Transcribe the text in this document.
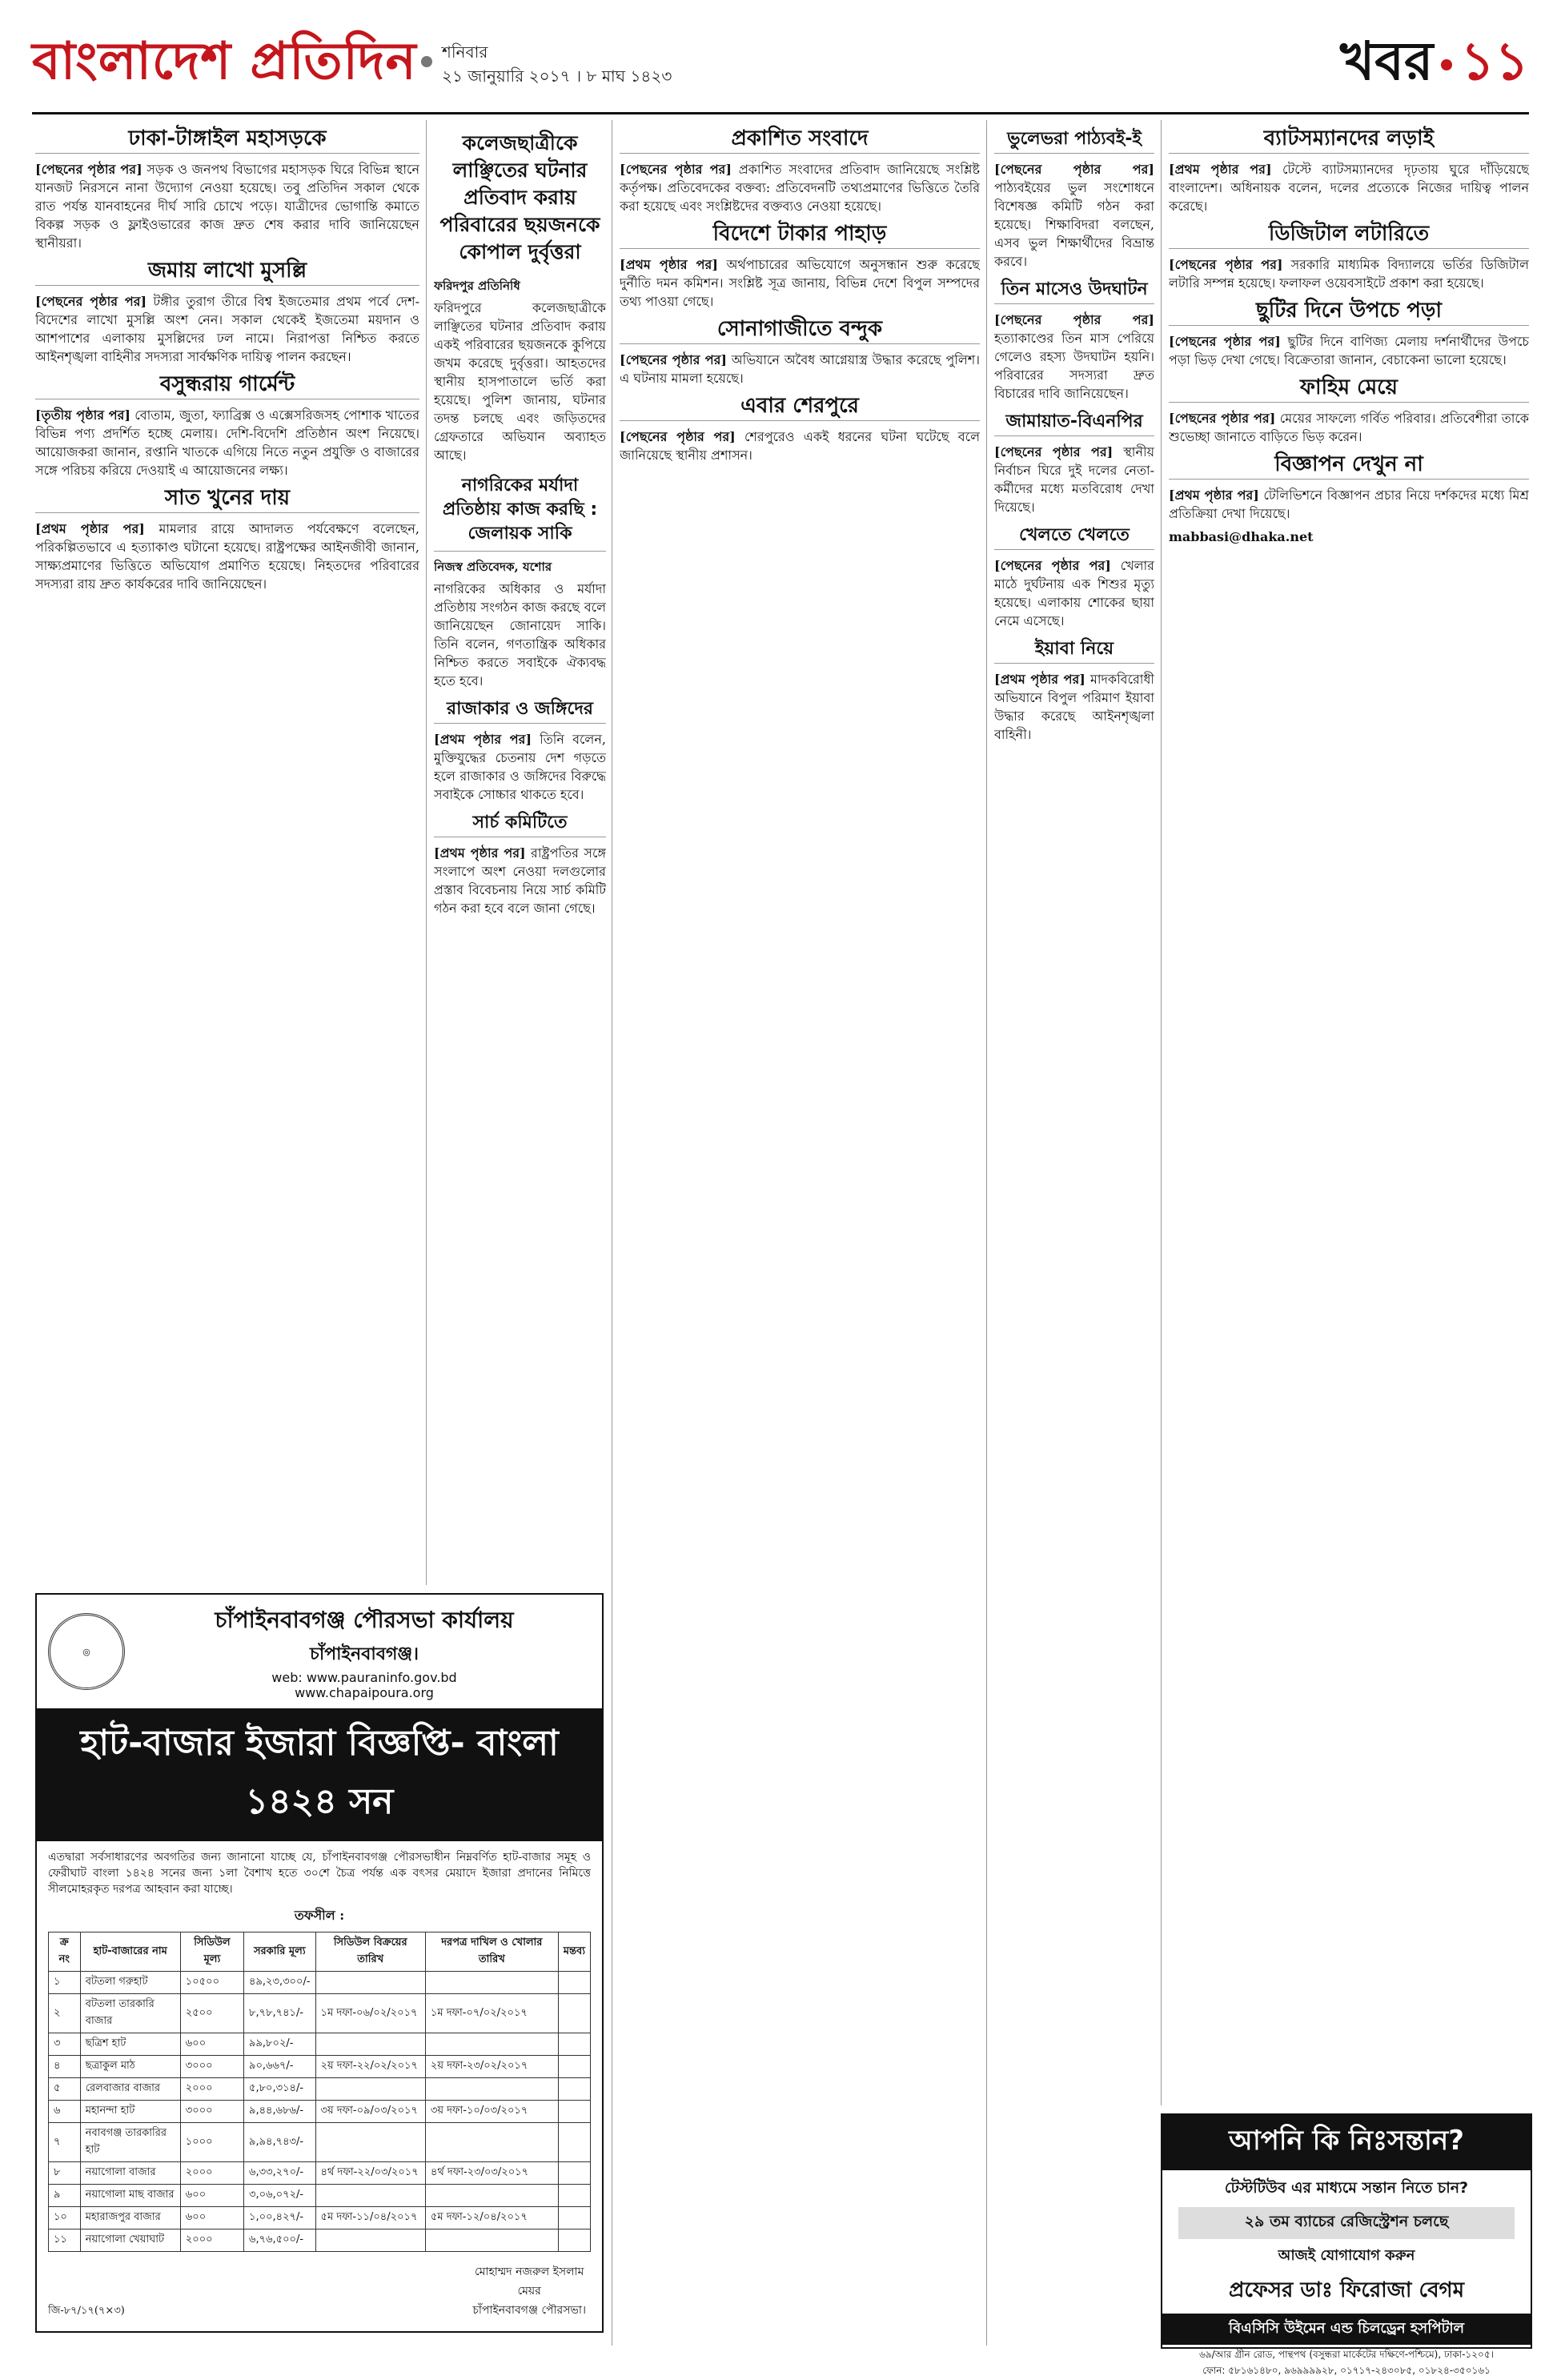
বাংলাদেশ প্রতিদিন শনিবার
২১ জানুয়ারি ২০১৭ । ৮ মাঘ ১৪২৩	খবর ১১
ঢাকা-টাঙ্গাইল মহাসড়কে

[পেছনের পৃষ্ঠার পর] সড়ক ও জনপথ বিভাগের মহাসড়ক ঘিরে বিভিন্ন স্থানে যানজট নিরসনে নানা উদ্যোগ নেওয়া হয়েছে। তবু প্রতিদিন সকাল থেকে রাত পর্যন্ত যানবাহনের দীর্ঘ সারি চোখে পড়ে। যাত্রীদের ভোগান্তি কমাতে বিকল্প সড়ক ও ফ্লাইওভারের কাজ দ্রুত শেষ করার দাবি জানিয়েছেন স্থানীয়রা।

জমায় লাখো মুসল্লি

[পেছনের পৃষ্ঠার পর] টঙ্গীর তুরাগ তীরে বিশ্ব ইজতেমার প্রথম পর্বে দেশ-বিদেশের লাখো মুসল্লি অংশ নেন। সকাল থেকেই ইজতেমা ময়দান ও আশপাশের এলাকায় মুসল্লিদের ঢল নামে। নিরাপত্তা নিশ্চিত করতে আইনশৃঙ্খলা বাহিনীর সদস্যরা সার্বক্ষণিক দায়িত্ব পালন করছেন।

বসুন্ধরায় গার্মেন্ট

[তৃতীয় পৃষ্ঠার পর] বোতাম, জুতা, ফ্যাব্রিক্স ও এক্সেসরিজসহ পোশাক খাতের বিভিন্ন পণ্য প্রদর্শিত হচ্ছে মেলায়। দেশি-বিদেশি প্রতিষ্ঠান অংশ নিয়েছে। আয়োজকরা জানান, রপ্তানি খাতকে এগিয়ে নিতে নতুন প্রযুক্তি ও বাজারের সঙ্গে পরিচয় করিয়ে দেওয়াই এ আয়োজনের লক্ষ্য।

সাত খুনের দায়

[প্রথম পৃষ্ঠার পর] মামলার রায়ে আদালত পর্যবেক্ষণে বলেছেন, পরিকল্পিতভাবে এ হত্যাকাণ্ড ঘটানো হয়েছে। রাষ্ট্রপক্ষের আইনজীবী জানান, সাক্ষ্যপ্রমাণের ভিত্তিতে অভিযোগ প্রমাণিত হয়েছে। নিহতদের পরিবারের সদস্যরা রায় দ্রুত কার্যকরের দাবি জানিয়েছেন।

কলেজছাত্রীকে লাঞ্ছিতের ঘটনার প্রতিবাদ করায় পরিবারের ছয়জনকে কোপাল দুর্বৃত্তরা
ফরিদপুর প্রতিনিধি

ফরিদপুরে কলেজছাত্রীকে লাঞ্ছিতের ঘটনার প্রতিবাদ করায় একই পরিবারের ছয়জনকে কুপিয়ে জখম করেছে দুর্বৃত্তরা। আহতদের স্থানীয় হাসপাতালে ভর্তি করা হয়েছে। পুলিশ জানায়, ঘটনার তদন্ত চলছে এবং জড়িতদের গ্রেফতারে অভিযান অব্যাহত আছে।

নাগরিকের মর্যাদা প্রতিষ্ঠায় কাজ করছি : জেলায়ক সাকি
নিজস্ব প্রতিবেদক, যশোর

নাগরিকের অধিকার ও মর্যাদা প্রতিষ্ঠায় সংগঠন কাজ করছে বলে জানিয়েছেন জোনায়েদ সাকি। তিনি বলেন, গণতান্ত্রিক অধিকার নিশ্চিত করতে সবাইকে ঐক্যবদ্ধ হতে হবে।

রাজাকার ও জঙ্গিদের

[প্রথম পৃষ্ঠার পর] তিনি বলেন, মুক্তিযুদ্ধের চেতনায় দেশ গড়তে হলে রাজাকার ও জঙ্গিদের বিরুদ্ধে সবাইকে সোচ্চার থাকতে হবে।

সার্চ কমিটিতে

[প্রথম পৃষ্ঠার পর] রাষ্ট্রপতির সঙ্গে সংলাপে অংশ নেওয়া দলগুলোর প্রস্তাব বিবেচনায় নিয়ে সার্চ কমিটি গঠন করা হবে বলে জানা গেছে।

প্রকাশিত সংবাদে

[পেছনের পৃষ্ঠার পর] প্রকাশিত সংবাদের প্রতিবাদ জানিয়েছে সংশ্লিষ্ট কর্তৃপক্ষ। প্রতিবেদকের বক্তব্য: প্রতিবেদনটি তথ্যপ্রমাণের ভিত্তিতে তৈরি করা হয়েছে এবং সংশ্লিষ্টদের বক্তব্যও নেওয়া হয়েছে।

বিদেশে টাকার পাহাড়

[প্রথম পৃষ্ঠার পর] অর্থপাচারের অভিযোগে অনুসন্ধান শুরু করেছে দুর্নীতি দমন কমিশন। সংশ্লিষ্ট সূত্র জানায়, বিভিন্ন দেশে বিপুল সম্পদের তথ্য পাওয়া গেছে।

সোনাগাজীতে বন্দুক

[পেছনের পৃষ্ঠার পর] অভিযানে অবৈধ আগ্নেয়াস্ত্র উদ্ধার করেছে পুলিশ। এ ঘটনায় মামলা হয়েছে।

এবার শেরপুরে

[পেছনের পৃষ্ঠার পর] শেরপুরেও একই ধরনের ঘটনা ঘটেছে বলে জানিয়েছে স্থানীয় প্রশাসন।

ভুলেভরা পাঠ্যবই-ই

[পেছনের পৃষ্ঠার পর] পাঠ্যবইয়ের ভুল সংশোধনে বিশেষজ্ঞ কমিটি গঠন করা হয়েছে। শিক্ষাবিদরা বলছেন, এসব ভুল শিক্ষার্থীদের বিভ্রান্ত করবে।

তিন মাসেও উদঘাটন

[পেছনের পৃষ্ঠার পর] হত্যাকাণ্ডের তিন মাস পেরিয়ে গেলেও রহস্য উদঘাটন হয়নি। পরিবারের সদস্যরা দ্রুত বিচারের দাবি জানিয়েছেন।

জামায়াত-বিএনপির

[পেছনের পৃষ্ঠার পর] স্থানীয় নির্বাচন ঘিরে দুই দলের নেতা-কর্মীদের মধ্যে মতবিরোধ দেখা দিয়েছে।

খেলতে খেলতে

[পেছনের পৃষ্ঠার পর] খেলার মাঠে দুর্ঘটনায় এক শিশুর মৃত্যু হয়েছে। এলাকায় শোকের ছায়া নেমে এসেছে।

ইয়াবা নিয়ে

[প্রথম পৃষ্ঠার পর] মাদকবিরোধী অভিযানে বিপুল পরিমাণ ইয়াবা উদ্ধার করেছে আইনশৃঙ্খলা বাহিনী।

ব্যাটসম্যানদের লড়াই

[প্রথম পৃষ্ঠার পর] টেস্টে ব্যাটসম্যানদের দৃঢ়তায় ঘুরে দাঁড়িয়েছে বাংলাদেশ। অধিনায়ক বলেন, দলের প্রত্যেকে নিজের দায়িত্ব পালন করেছে।

ডিজিটাল লটারিতে

[পেছনের পৃষ্ঠার পর] সরকারি মাধ্যমিক বিদ্যালয়ে ভর্তির ডিজিটাল লটারি সম্পন্ন হয়েছে। ফলাফল ওয়েবসাইটে প্রকাশ করা হয়েছে।

ছুটির দিনে উপচে পড়া

[পেছনের পৃষ্ঠার পর] ছুটির দিনে বাণিজ্য মেলায় দর্শনার্থীদের উপচে পড়া ভিড় দেখা গেছে। বিক্রেতারা জানান, বেচাকেনা ভালো হয়েছে।

ফাহিম মেয়ে

[পেছনের পৃষ্ঠার পর] মেয়ের সাফল্যে গর্বিত পরিবার। প্রতিবেশীরা তাকে শুভেচ্ছা জানাতে বাড়িতে ভিড় করেন।

বিজ্ঞাপন দেখুন না

[প্রথম পৃষ্ঠার পর] টেলিভিশনে বিজ্ঞাপন প্রচার নিয়ে দর্শকদের মধ্যে মিশ্র প্রতিক্রিয়া দেখা দিয়েছে।

mabbasi@dhaka.net

◎
চাঁপাইনবাবগঞ্জ পৌরসভা কার্যালয়
চাঁপাইনবাবগঞ্জ।
web: www.pauraninfo.gov.bd
www.chapaipoura.org
হাট-বাজার ইজারা বিজ্ঞপ্তি- বাংলা ১৪২৪ সন

এতদ্বারা সর্বসাধারণের অবগতির জন্য জানানো যাচ্ছে যে, চাঁপাইনবাবগঞ্জ পৌরসভাধীন নিম্নবর্ণিত হাট-বাজার সমূহ ও ফেরীঘাট বাংলা ১৪২৪ সনের জন্য ১লা বৈশাখ হতে ৩০শে চৈত্র পর্যন্ত এক বৎসর মেয়াদে ইজারা প্রদানের নিমিত্তে সীলমোহরকৃত দরপত্র আহবান করা যাচ্ছে।

তফসীল :
ক্র নং	হাট-বাজারের নাম	সিডিউল মূল্য	সরকারি মূল্য	সিডিউল বিক্রয়ের তারিখ	দরপত্র দাখিল ও খোলার তারিখ	মন্তব্য
১	বটতলা গরুহাট	১০৫০০	৪৯,২৩,৩০০/-			
২	বটতলা তারকারি বাজার	২৫০০	৮,৭৮,৭৪১/-	১ম দফা-০৬/০২/২০১৭	১ম দফা-০৭/০২/২০১৭	
৩	ছত্রিশ হাট	৬০০	৯৯,৮০২/-			
৪	ছত্রাকুল মাঠ	৩০০০	৯০,৬৬৭/-	২য় দফা-২২/০২/২০১৭	২য় দফা-২৩/০২/২০১৭	
৫	রেলবাজার বাজার	২০০০	৫,৮০,৩১৪/-			
৬	মহানন্দা হাট	৩০০০	৯,৪৪,৬৮৬/-	৩য় দফা-০৯/০৩/২০১৭	৩য় দফা-১০/০৩/২০১৭	
৭	নবাবগঞ্জ তারকারির হাট	১০০০	৯,৯৪,৭৪৩/-			
৮	নয়াগোলা বাজার	২০০০	৬,৩৩,২৭০/-	৪র্থ দফা-২২/০৩/২০১৭	৪র্থ দফা-২৩/০৩/২০১৭	
৯	নয়াগোলা মাছ বাজার	৬০০	৩,০৬,০৭২/-			
১০	মহারাজপুর বাজার	৬০০	১,০০,৪২৭/-	৫ম দফা-১১/০৪/২০১৭	৫ম দফা-১২/০৪/২০১৭	
১১	নয়াগোলা খেয়াঘাট	২০০০	৬,৭৬,৫০০/-			
মোহাম্মদ নজরুল ইসলাম
মেয়র
চাঁপাইনবাবগঞ্জ পৌরসভা।
জি-৮৭/১৭(৭×৩)
আপনি কি নিঃসন্তান?
টেস্টটিউব এর মাধ্যমে সন্তান নিতে চান?
২৯ তম ব্যাচের রেজিস্ট্রেশন চলছে
আজই যোগাযোগ করুন
প্রফেসর ডাঃ ফিরোজা বেগম
বিএসিসি উইমেন এন্ড চিলড্রেন হসপিটাল
৬৯/আর গ্রীন রোড, পান্থপথ (বসুন্ধরা মার্কেটের দক্ষিণে-পশ্চিমে), ঢাকা-১২০৫।
ফোন: ৫৮১৬১৪৮০, ৯৬৯৯৯৯২৮, ০১৭১৭-২৪৩০৮৫, ০১৮২৪-৩৫০১৬১
